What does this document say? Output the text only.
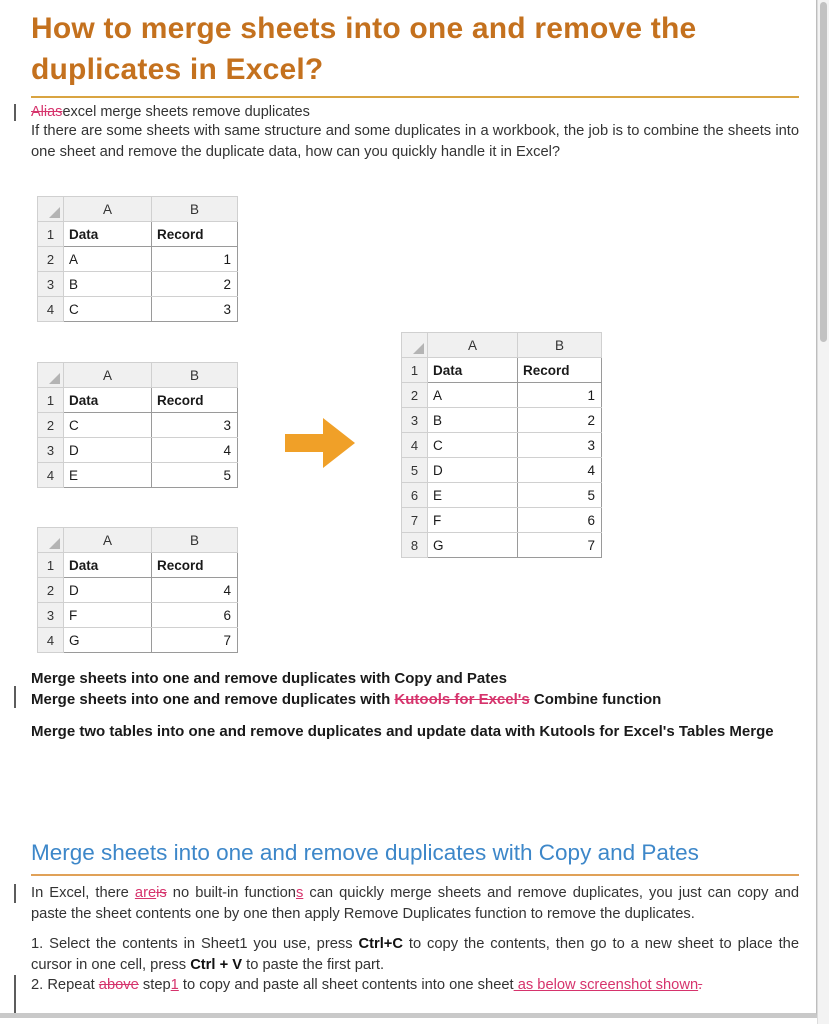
How to merge sheets into one and remove the
duplicates in Excel?
Aliasexcel merge sheets remove duplicates
If there are some sheets with same structure and some duplicates in a workbook, the job is to combine the sheets into one sheet and remove the duplicate data, how can you quickly handle it in Excel?
	A	B
1	Data	Record
2	A	1
3	B	2
4	C	3
	A	B
1	Data	Record
2	C	3
3	D	4
4	E	5
	A	B
1	Data	Record
2	D	4
3	F	6
4	G	7
	A	B
1	Data	Record
2	A	1
3	B	2
4	C	3
5	D	4
6	E	5
7	F	6
8	G	7
Merge sheets into one and remove duplicates with Copy and Pates
Merge sheets into one and remove duplicates with Kutools for Excel's Combine function
Merge two tables into one and remove duplicates and update data with Kutools for Excel's Tables Merge
Merge sheets into one and remove duplicates with Copy and Pates
In Excel, there areis no built-in functions can quickly merge sheets and remove duplicates, you just can copy and paste the sheet contents one by one then apply Remove Duplicates function to remove the duplicates.
1. Select the contents in Sheet1 you use, press Ctrl+C to copy the contents, then go to a new sheet to place the cursor in one cell, press Ctrl + V to paste the first part.
2. Repeat above step1 to copy and paste all sheet contents into one sheet as below screenshot shown.
